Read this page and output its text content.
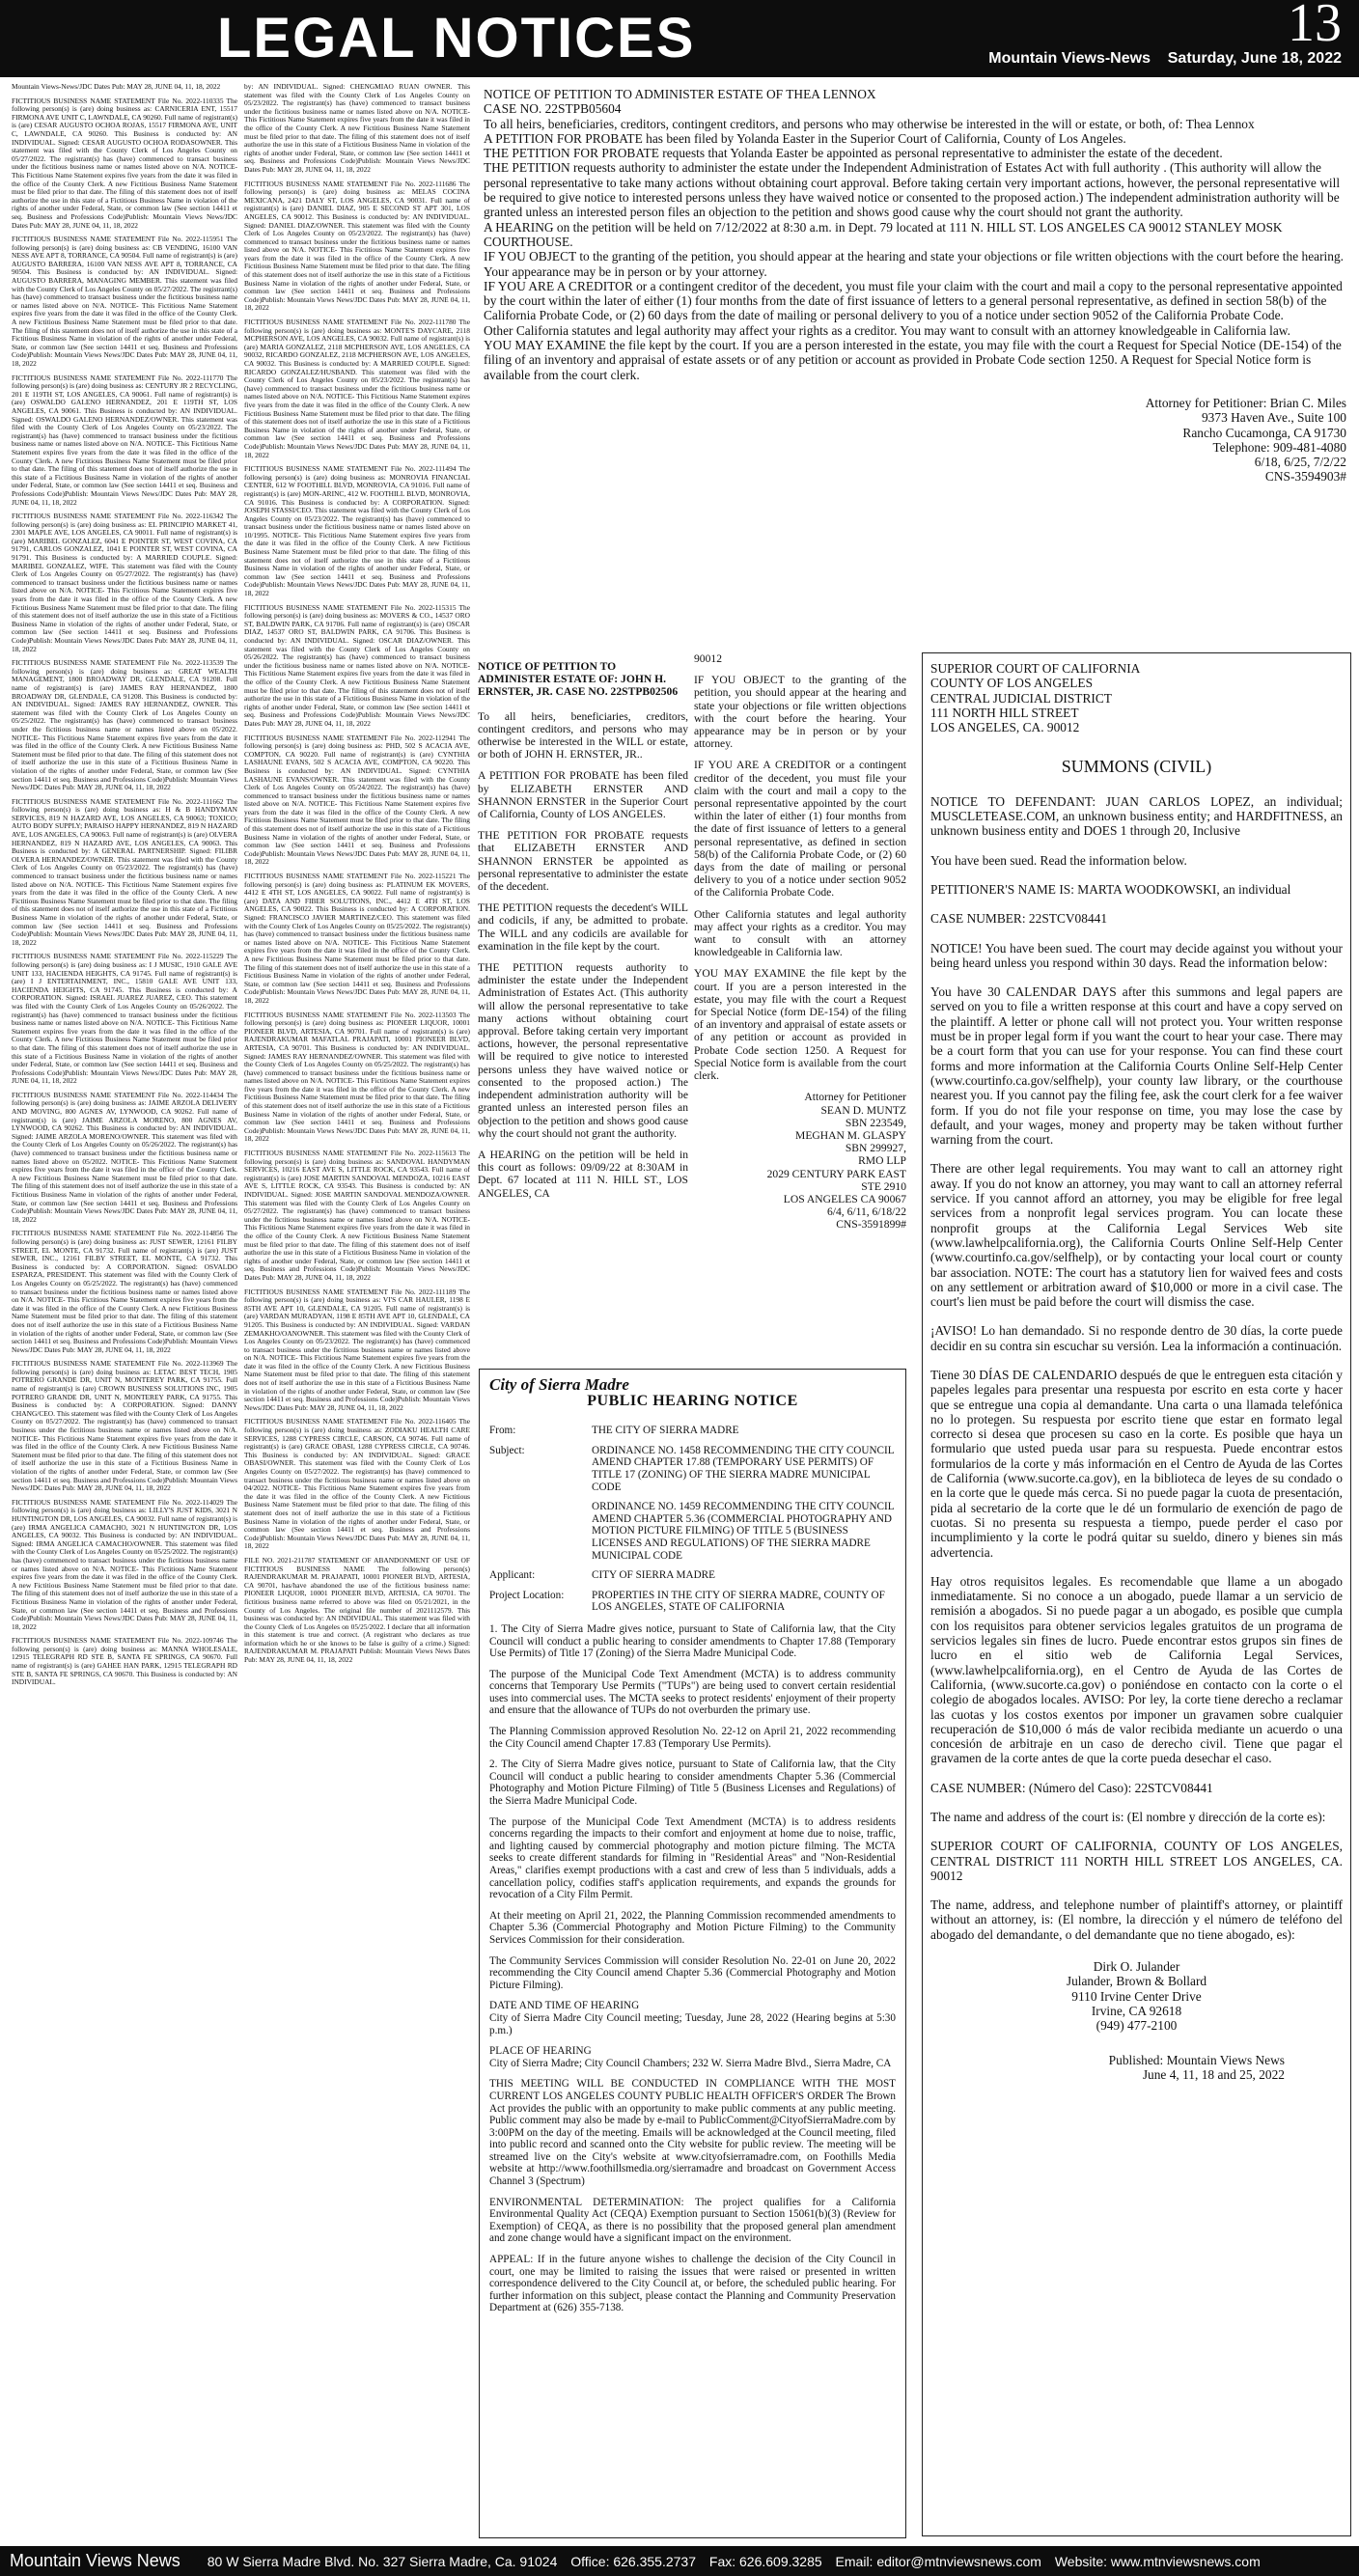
LEGAL NOTICES	13
Mountain Views-News Saturday, June 18, 2022

Mountain Views-News/JDC Dates Pub: MAY 28, JUNE 04, 11, 18, 2022

FICTITIOUS BUSINESS NAME STATEMENT File No. 2022-110335 The following person(s) is (are) doing business as: CARNICERIA ENT, 15517 FIRMONA AVE UNIT C, LAWNDALE, CA 90260. Full name of registrant(s) is (are) CESAR AUGUSTO OCHOA ROJAS, 15517 FIRMONA AVE, UNIT C, LAWNDALE, CA 90260. This Business is conducted by: AN INDIVIDUAL. Signed: CESAR AUGUSTO OCHOA RODASOWNER. This statement was filed with the County Clerk of Los Angeles County on 05/27/2022. The registrant(s) has (have) commenced to transact business under the fictitious business name or names listed above on N/A. NOTICE- This Fictitious Name Statement expires five years from the date it was filed in the office of the County Clerk. A new Fictitious Business Name Statement must be filed prior to that date. The filing of this statement does not of itself authorize the use in this state of a Fictitious Business Name in violation of the rights of another under Federal, State, or common law (See section 14411 et seq. Business and Professions Code)Publish: Mountain Views News/JDC Dates Pub: MAY 28, JUNE 04, 11, 18, 2022

FICTITIOUS BUSINESS NAME STATEMENT File No. 2022-115951 The following person(s) is (are) doing business as: CB VENDING, 16100 VAN NESS AVE APT 8, TORRANCE, CA 90504. Full name of registrant(s) is (are) AUGUSTO BARRERA, 16100 VAN NESS AVE APT 8, TORRANCE, CA 90504. This Business is conducted by: AN INDIVIDUAL. Signed: AUGUSTO BARRERA, MANAGING MEMBER. This statement was filed with the County Clerk of Los Angeles County on 05/27/2022. The registrant(s) has (have) commenced to transact business under the fictitious business name or names listed above on N/A. NOTICE- This Fictitious Name Statement expires five years from the date it was filed in the office of the County Clerk. A new Fictitious Business Name Statement must be filed prior to that date. The filing of this statement does not of itself authorize the use in this state of a Fictitious Business Name in violation of the rights of another under Federal, State, or common law (See section 14411 et seq. Business and Professions Code)Publish: Mountain Views News/JDC Dates Pub: MAY 28, JUNE 04, 11, 18, 2022

FICTITIOUS BUSINESS NAME STATEMENT File No. 2022-111770 The following person(s) is (are) doing business as: CENTURY JR 2 RECYCLING, 201 E 119TH ST, LOS ANGELES, CA 90061. Full name of registrant(s) is (are) OSWALDO GALENO HERNANDEZ, 201 E 119TH ST, LOS ANGELES, CA 90061. This Business is conducted by: AN INDIVIDUAL. Signed: OSWALDO GALENO HERNANDEZ/OWNER. This statement was filed with the County Clerk of Los Angeles County on 05/23/2022. The registrant(s) has (have) commenced to transact business under the fictitious business name or names listed above on N/A. NOTICE- This Fictitious Name Statement expires five years from the date it was filed in the office of the County Clerk. A new Fictitious Business Name Statement must be filed prior to that date. The filing of this statement does not of itself authorize the use in this state of a Fictitious Business Name in violation of the rights of another under Federal, State, or common law (See section 14411 et seq. Business and Professions Code)Publish: Mountain Views News/JDC Dates Pub: MAY 28, JUNE 04, 11, 18, 2022

FICTITIOUS BUSINESS NAME STATEMENT File No. 2022-116342 The following person(s) is (are) doing business as: EL PRINCIPIO MARKET 41, 2301 MAPLE AVE, LOS ANGELES, CA 90011. Full name of registrant(s) is (are) MARIBEL GONZALEZ, 6041 E POINTER ST, WEST COVINA, CA 91791, CARLOS GONZALEZ, 1041 E POINTER ST, WEST COVINA, CA 91791. This Business is conducted by: A MARRIED COUPLE. Signed: MARIBEL GONZALEZ, WIFE. This statement was filed with the County Clerk of Los Angeles County on 05/27/2022. The registrant(s) has (have) commenced to transact business under the fictitious business name or names listed above on N/A. NOTICE- This Fictitious Name Statement expires five years from the date it was filed in the office of the County Clerk. A new Fictitious Business Name Statement must be filed prior to that date. The filing of this statement does not of itself authorize the use in this state of a Fictitious Business Name in violation of the rights of another under Federal, State, or common law (See section 14411 et seq. Business and Professions Code)Publish: Mountain Views News/JDC Dates Pub: MAY 28, JUNE 04, 11, 18, 2022

FICTITIOUS BUSINESS NAME STATEMENT File No. 2022-113539 The following person(s) is (are) doing business as: GREAT WEALTH MANAGEMENT, 1800 BROADWAY DR, GLENDALE, CA 91208. Full name of registrant(s) is (are) JAMES RAY HERNANDEZ, 1800 BROADWAY DR, GLENDALE, CA 91208. This Business is conducted by: AN INDIVIDUAL. Signed: JAMES RAY HERNANDEZ, OWNER. This statement was filed with the County Clerk of Los Angeles County on 05/25/2022. The registrant(s) has (have) commenced to transact business under the fictitious business name or names listed above on 05/2022. NOTICE- This Fictitious Name Statement expires five years from the date it was filed in the office of the County Clerk. A new Fictitious Business Name Statement must be filed prior to that date. The filing of this statement does not of itself authorize the use in this state of a Fictitious Business Name in violation of the rights of another under Federal, State, or common law (See section 14411 et seq. Business and Professions Code)Publish: Mountain Views News/JDC Dates Pub: MAY 28, JUNE 04, 11, 18, 2022

FICTITIOUS BUSINESS NAME STATEMENT File No. 2022-111662 The following person(s) is (are) doing business as: H & B HANDYMAN SERVICES, 819 N HAZARD AVE, LOS ANGELES, CA 90063; TOXICO; AUTO BODY SUPPLY; PARAISO HAPPY HERNANDEZ, 819 N HAZARD AVE, LOS ANGELES, CA 90063. Full name of registrant(s) is (are) OLVERA HERNANDEZ, 819 N HAZARD AVE, LOS ANGELES, CA 90063. This Business is conducted by: A GENERAL PARTNERSHIP. Signed: FILIBR OLVERA HERNANDEZ/OWNER. This statement was filed with the County Clerk of Los Angeles County on 05/23/2022. The registrant(s) has (have) commenced to transact business under the fictitious business name or names listed above on N/A. NOTICE- This Fictitious Name Statement expires five years from the date it was filed in the office of the County Clerk. A new Fictitious Business Name Statement must be filed prior to that date. The filing of this statement does not of itself authorize the use in this state of a Fictitious Business Name in violation of the rights of another under Federal, State, or common law (See section 14411 et seq. Business and Professions Code)Publish: Mountain Views News/JDC Dates Pub: MAY 28, JUNE 04, 11, 18, 2022

FICTITIOUS BUSINESS NAME STATEMENT File No. 2022-115229 The following person(s) is (are) doing business as: I J MUSIC, 1910 GALE AVE UNIT 133, HACIENDA HEIGHTS, CA 91745. Full name of registrant(s) is (are) I J ENTERTAINMENT, INC., 15810 GALE AVE UNIT 133, HACIENDA HEIGHTS, CA 91745. This Business is conducted by: A CORPORATION. Signed: ISRAEL JUAREZ JUAREZ, CEO. This statement was filed with the County Clerk of Los Angeles County on 05/26/2022. The registrant(s) has (have) commenced to transact business under the fictitious business name or names listed above on N/A. NOTICE- This Fictitious Name Statement expires five years from the date it was filed in the office of the County Clerk. A new Fictitious Business Name Statement must be filed prior to that date. The filing of this statement does not of itself authorize the use in this state of a Fictitious Business Name in violation of the rights of another under Federal, State, or common law (See section 14411 et seq. Business and Professions Code)Publish: Mountain Views News/JDC Dates Pub: MAY 28, JUNE 04, 11, 18, 2022

FICTITIOUS BUSINESS NAME STATEMENT File No. 2022-114434 The following person(s) is (are) doing business as: JAIME ARZOLA DELIVERY AND MOVING, 800 AGNES AV, LYNWOOD, CA 90262. Full name of registrant(s) is (are) JAIME ARZOLA MORENO, 800 AGNES AV, LYNWOOD, CA 90262. This Business is conducted by: AN INDIVIDUAL. Signed: JAIME ARZOLA MORENO/OWNER. This statement was filed with the County Clerk of Los Angeles County on 05/26/2022. The registrant(s) has (have) commenced to transact business under the fictitious business name or names listed above on 05/2022. NOTICE- This Fictitious Name Statement expires five years from the date it was filed in the office of the County Clerk. A new Fictitious Business Name Statement must be filed prior to that date. The filing of this statement does not of itself authorize the use in this state of a Fictitious Business Name in violation of the rights of another under Federal, State, or common law (See section 14411 et seq. Business and Professions Code)Publish: Mountain Views News/JDC Dates Pub: MAY 28, JUNE 04, 11, 18, 2022

FICTITIOUS BUSINESS NAME STATEMENT File No. 2022-114856 The following person(s) is (are) doing business as: JUST SEWER, 12161 FILBY STREET, EL MONTE, CA 91732. Full name of registrant(s) is (are) JUST SEWER, INC., 12161 FILBY STREET, EL MONTE, CA 91732. This Business is conducted by: A CORPORATION. Signed: OSVALDO ESPARZA, PRESIDENT. This statement was filed with the County Clerk of Los Angeles County on 05/25/2022. The registrant(s) has (have) commenced to transact business under the fictitious business name or names listed above on N/A. NOTICE- This Fictitious Name Statement expires five years from the date it was filed in the office of the County Clerk. A new Fictitious Business Name Statement must be filed prior to that date. The filing of this statement does not of itself authorize the use in this state of a Fictitious Business Name in violation of the rights of another under Federal, State, or common law (See section 14411 et seq. Business and Professions Code)Publish: Mountain Views News/JDC Dates Pub: MAY 28, JUNE 04, 11, 18, 2022

FICTITIOUS BUSINESS NAME STATEMENT File No. 2022-113969 The following person(s) is (are) doing business as: LETAC BEST TECH, 1905 POTRERO GRANDE DR, UNIT N, MONTEREY PARK, CA 91755. Full name of registrant(s) is (are) CROWN BUSINESS SOLUTIONS INC, 1905 POTRERO GRANDE DR, UNIT N, MONTEREY PARK, CA 91755. This Business is conducted by: A CORPORATION. Signed: DANNY CHANG/CEO. This statement was filed with the County Clerk of Los Angeles County on 05/27/2022. The registrant(s) has (have) commenced to transact business under the fictitious business name or names listed above on N/A. NOTICE- This Fictitious Name Statement expires five years from the date it was filed in the office of the County Clerk. A new Fictitious Business Name Statement must be filed prior to that date. The filing of this statement does not of itself authorize the use in this state of a Fictitious Business Name in violation of the rights of another under Federal, State, or common law (See section 14411 et seq. Business and Professions Code)Publish: Mountain Views News/JDC Dates Pub: MAY 28, JUNE 04, 11, 18, 2022

FICTITIOUS BUSINESS NAME STATEMENT File No. 2022-114029 The following person(s) is (are) doing business as: LILLY'S JUST KIDS, 3021 N HUNTINGTON DR, LOS ANGELES, CA 90032. Full name of registrant(s) is (are) IRMA ANGELICA CAMACHO, 3021 N HUNTINGTON DR, LOS ANGELES, CA 90032. This Business is conducted by: AN INDIVIDUAL. Signed: IRMA ANGELICA CAMACHO/OWNER. This statement was filed with the County Clerk of Los Angeles County on 05/25/2022. The registrant(s) has (have) commenced to transact business under the fictitious business name or names listed above on N/A. NOTICE- This Fictitious Name Statement expires five years from the date it was filed in the office of the County Clerk. A new Fictitious Business Name Statement must be filed prior to that date. The filing of this statement does not of itself authorize the use in this state of a Fictitious Business Name in violation of the rights of another under Federal, State, or common law (See section 14411 et seq. Business and Professions Code)Publish: Mountain Views News/JDC Dates Pub: MAY 28, JUNE 04, 11, 18, 2022

FICTITIOUS BUSINESS NAME STATEMENT File No. 2022-109746 The following person(s) is (are) doing business as: MANNA WHOLESALE, 12915 TELEGRAPH RD STE B, SANTA FE SPRINGS, CA 90670. Full name of registrant(s) is (are) GAHEE HAN PARK, 12915 TELEGRAPH RD STE B, SANTA FE SPRINGS, CA 90670. This Business is conducted by: AN INDIVIDUAL.

by: AN INDIVIDUAL. Signed: CHENGMIAO RUAN OWNER. This statement was filed with the County Clerk of Los Angeles County on 05/23/2022. The registrant(s) has (have) commenced to transact business under the fictitious business name or names listed above on N/A. NOTICE- This Fictitious Name Statement expires five years from the date it was filed in the office of the County Clerk. A new Fictitious Business Name Statement must be filed prior to that date. The filing of this statement does not of itself authorize the use in this state of a Fictitious Business Name in violation of the rights of another under Federal, State, or common law (See section 14411 et seq. Business and Professions Code)Publish: Mountain Views News/JDC Dates Pub: MAY 28, JUNE 04, 11, 18, 2022

FICTITIOUS BUSINESS NAME STATEMENT File No. 2022-111686 The following person(s) is (are) doing business as: MELAS COCINA MEXICANA, 2421 DALY ST, LOS ANGELES, CA 90031. Full name of registrant(s) is (are) DANIEL DIAZ, 905 E SECOND ST APT 301, LOS ANGELES, CA 90012. This Business is conducted by: AN INDIVIDUAL. Signed: DANIEL DIAZ/OWNER. This statement was filed with the County Clerk of Los Angeles County on 05/23/2022. The registrant(s) has (have) commenced to transact business under the fictitious business name or names listed above on N/A. NOTICE- This Fictitious Name Statement expires five years from the date it was filed in the office of the County Clerk. A new Fictitious Business Name Statement must be filed prior to that date. The filing of this statement does not of itself authorize the use in this state of a Fictitious Business Name in violation of the rights of another under Federal, State, or common law (See section 14411 et seq. Business and Professions Code)Publish: Mountain Views News/JDC Dates Pub: MAY 28, JUNE 04, 11, 18, 2022

FICTITIOUS BUSINESS NAME STATEMENT File No. 2022-111780 The following person(s) is (are) doing business as: MONTE'S DAYCARE, 2118 MCPHERSON AVE, LOS ANGELES, CA 90032. Full name of registrant(s) is (are) MARIA GONZALEZ, 2118 MCPHERSON AVE, LOS ANGELES, CA 90032, RICARDO GONZALEZ, 2118 MCPHERSON AVE, LOS ANGELES, CA 90032. This Business is conducted by: A MARRIED COUPLE. Signed: RICARDO GONZALEZ/HUSBAND. This statement was filed with the County Clerk of Los Angeles County on 05/23/2022. The registrant(s) has (have) commenced to transact business under the fictitious business name or names listed above on N/A. NOTICE- This Fictitious Name Statement expires five years from the date it was filed in the office of the County Clerk. A new Fictitious Business Name Statement must be filed prior to that date. The filing of this statement does not of itself authorize the use in this state of a Fictitious Business Name in violation of the rights of another under Federal, State, or common law (See section 14411 et seq. Business and Professions Code)Publish: Mountain Views News/JDC Dates Pub: MAY 28, JUNE 04, 11, 18, 2022

FICTITIOUS BUSINESS NAME STATEMENT File No. 2022-111494 The following person(s) is (are) doing business as: MONROVIA FINANCIAL CENTER, 612 W FOOTHILL BLVD, MONROVIA, CA 91016. Full name of registrant(s) is (are) MON-ARINC, 412 W. FOOTHILL BLVD, MONROVIA, CA 91016. This Business is conducted by: A CORPORATION. Signed: JOSEPH STASSI/CEO. This statement was filed with the County Clerk of Los Angeles County on 05/23/2022. The registrant(s) has (have) commenced to transact business under the fictitious business name or names listed above on 10/1995. NOTICE- This Fictitious Name Statement expires five years from the date it was filed in the office of the County Clerk. A new Fictitious Business Name Statement must be filed prior to that date. The filing of this statement does not of itself authorize the use in this state of a Fictitious Business Name in violation of the rights of another under Federal, State, or common law (See section 14411 et seq. Business and Professions Code)Publish: Mountain Views News/JDC Dates Pub: MAY 28, JUNE 04, 11, 18, 2022

FICTITIOUS BUSINESS NAME STATEMENT File No. 2022-115315 The following person(s) is (are) doing business as: MOVERS & CO., 14537 ORO ST, BALDWIN PARK, CA 91706. Full name of registrant(s) is (are) OSCAR DIAZ, 14537 ORO ST, BALDWIN PARK, CA 91706. This Business is conducted by: AN INDIVIDUAL. Signed: OSCAR DIAZ/OWNER. This statement was filed with the County Clerk of Los Angeles County on 05/26/2022. The registrant(s) has (have) commenced to transact business under the fictitious business name or names listed above on N/A. NOTICE- This Fictitious Name Statement expires five years from the date it was filed in the office of the County Clerk. A new Fictitious Business Name Statement must be filed prior to that date. The filing of this statement does not of itself authorize the use in this state of a Fictitious Business Name in violation of the rights of another under Federal, State, or common law (See section 14411 et seq. Business and Professions Code)Publish: Mountain Views News/JDC Dates Pub: MAY 28, JUNE 04, 11, 18, 2022

FICTITIOUS BUSINESS NAME STATEMENT File No. 2022-112941 The following person(s) is (are) doing business as: PHD, 502 S ACACIA AVE, COMPTON, CA 90220. Full name of registrant(s) is (are) CYNTHIA LASHAUNE EVANS, 502 S ACACIA AVE, COMPTON, CA 90220. This Business is conducted by: AN INDIVIDUAL. Signed: CYNTHIA LASHAUNE EVANS/OWNER. This statement was filed with the County Clerk of Los Angeles County on 05/24/2022. The registrant(s) has (have) commenced to transact business under the fictitious business name or names listed above on N/A. NOTICE- This Fictitious Name Statement expires five years from the date it was filed in the office of the County Clerk. A new Fictitious Business Name Statement must be filed prior to that date. The filing of this statement does not of itself authorize the use in this state of a Fictitious Business Name in violation of the rights of another under Federal, State, or common law (See section 14411 et seq. Business and Professions Code)Publish: Mountain Views News/JDC Dates Pub: MAY 28, JUNE 04, 11, 18, 2022

FICTITIOUS BUSINESS NAME STATEMENT File No. 2022-115221 The following person(s) is (are) doing business as: PLATINUM EK MOVERS, 4412 E 4TH ST, LOS ANGELES, CA 90022. Full name of registrant(s) is (are) DATA AND FIBER SOLUTIONS, INC., 4412 E 4TH ST, LOS ANGELES, CA 90022. This Business is conducted by: A CORPORATION. Signed: FRANCISCO JAVIER MARTINEZ/CEO. This statement was filed with the County Clerk of Los Angeles County on 05/25/2022. The registrant(s) has (have) commenced to transact business under the fictitious business name or names listed above on N/A. NOTICE- This Fictitious Name Statement expires five years from the date it was filed in the office of the County Clerk. A new Fictitious Business Name Statement must be filed prior to that date. The filing of this statement does not of itself authorize the use in this state of a Fictitious Business Name in violation of the rights of another under Federal, State, or common law (See section 14411 et seq. Business and Professions Code)Publish: Mountain Views News/JDC Dates Pub: MAY 28, JUNE 04, 11, 18, 2022

FICTITIOUS BUSINESS NAME STATEMENT File No. 2022-113503 The following person(s) is (are) doing business as: PIONEER LIQUOR, 10001 PIONEER BLVD, ARTESIA, CA 90701. Full name of registrant(s) is (are) RAJENDRAKUMAR MAFATLAL PRAJAPATI, 10001 PIONEER BLVD, ARTESIA, CA 90701. This Business is conducted by: AN INDIVIDUAL. Signed: JAMES RAY HERNANDEZ/OWNER. This statement was filed with the County Clerk of Los Angeles County on 05/25/2022. The registrant(s) has (have) commenced to transact business under the fictitious business name or names listed above on N/A. NOTICE- This Fictitious Name Statement expires five years from the date it was filed in the office of the County Clerk. A new Fictitious Business Name Statement must be filed prior to that date. The filing of this statement does not of itself authorize the use in this state of a Fictitious Business Name in violation of the rights of another under Federal, State, or common law (See section 14411 et seq. Business and Professions Code)Publish: Mountain Views News/JDC Dates Pub: MAY 28, JUNE 04, 11, 18, 2022

FICTITIOUS BUSINESS NAME STATEMENT File No. 2022-115613 The following person(s) is (are) doing business as: SANDOVAL HANDYMAN SERVICES, 10216 EAST AVE S, LITTLE ROCK, CA 93543. Full name of registrant(s) is (are) JOSE MARTIN SANDOVAL MENDOZA, 10216 EAST AVE S, LITTLE ROCK, CA 93543. This Business is conducted by: AN INDIVIDUAL. Signed: JOSE MARTIN SANDOVAL MENDOZA/OWNER. This statement was filed with the County Clerk of Los Angeles County on 05/27/2022. The registrant(s) has (have) commenced to transact business under the fictitious business name or names listed above on N/A. NOTICE- This Fictitious Name Statement expires five years from the date it was filed in the office of the County Clerk. A new Fictitious Business Name Statement must be filed prior to that date. The filing of this statement does not of itself authorize the use in this state of a Fictitious Business Name in violation of the rights of another under Federal, State, or common law (See section 14411 et seq. Business and Professions Code)Publish: Mountain Views News/JDC Dates Pub: MAY 28, JUNE 04, 11, 18, 2022

FICTITIOUS BUSINESS NAME STATEMENT File No. 2022-111189 The following person(s) is (are) doing business as: VI'S CAR HAULER, 1198 E 85TH AVE APT 10, GLENDALE, CA 91205. Full name of registrant(s) is (are) VARDAN MURADYAN, 1198 E 85TH AVE APT 10, GLENDALE, CA 91205. This Business is conducted by: AN INDIVIDUAL. Signed: VARDAN ZEMAKHO/OANOWNER. This statement was filed with the County Clerk of Los Angeles County on 05/23/2022. The registrant(s) has (have) commenced to transact business under the fictitious business name or names listed above on N/A. NOTICE- This Fictitious Name Statement expires five years from the date it was filed in the office of the County Clerk. A new Fictitious Business Name Statement must be filed prior to that date. The filing of this statement does not of itself authorize the use in this state of a Fictitious Business Name in violation of the rights of another under Federal, State, or common law (See section 14411 et seq. Business and Professions Code)Publish: Mountain Views News/JDC Dates Pub: MAY 28, JUNE 04, 11, 18, 2022

FICTITIOUS BUSINESS NAME STATEMENT File No. 2022-116405 The following person(s) is (are) doing business as: ZODIAKU HEALTH CARE SERVICES, 1288 CYPRESS CIRCLE, CARSON, CA 90746. Full name of registrant(s) is (are) GRACE OBASI, 1288 CYPRESS CIRCLE, CA 90746. This Business is conducted by: AN INDIVIDUAL. Signed: GRACE OBASI/OWNER. This statement was filed with the County Clerk of Los Angeles County on 05/27/2022. The registrant(s) has (have) commenced to transact business under the fictitious business name or names listed above on 04/2022. NOTICE- This Fictitious Name Statement expires five years from the date it was filed in the office of the County Clerk. A new Fictitious Business Name Statement must be filed prior to that date. The filing of this statement does not of itself authorize the use in this state of a Fictitious Business Name in violation of the rights of another under Federal, State, or common law (See section 14411 et seq. Business and Professions Code)Publish: Mountain Views News/JDC Dates Pub: MAY 28, JUNE 04, 11, 18, 2022

FILE NO. 2021-211787 STATEMENT OF ABANDONMENT OF USE OF FICTITIOUS BUSINESS NAME The following person(s) RAJENDRAKUMAR M. PRAJAPATI, 10001 PIONEER BLVD, ARTESIA, CA 90701, has/have abandoned the use of the fictitious business name: PIONEER LIQUOR, 10001 PIONEER BLVD, ARTESIA, CA 90701. The fictitious business name referred to above was filed on 05/21/2021, in the County of Los Angeles. The original file number of 2021112579. This business was conducted by: AN INDIVIDUAL. This statement was filed with the County Clerk of Los Angeles on 05/25/2022. I declare that all information in this statement is true and correct. (A registrant who declares as true information which he or she knows to be false is guilty of a crime.) Signed: RAJENDRAKUMAR M. PRAJAPATI Publish: Mountain Views News Dates Pub: MAY 28, JUNE 04, 11, 18, 2022

NOTICE OF PETITION TO ADMINISTER ESTATE OF THEA LENNOX
CASE NO. 22STPB05604

To all heirs, beneficiaries, creditors, contingent creditors, and persons who may otherwise be interested in the will or estate, or both, of: Thea Lennox

A PETITION FOR PROBATE has been filed by Yolanda Easter in the Superior Court of California, County of Los Angeles.

THE PETITION FOR PROBATE requests that Yolanda Easter be appointed as personal representative to administer the estate of the decedent.

THE PETITION requests authority to administer the estate under the Independent Administration of Estates Act with full authority . (This authority will allow the personal representative to take many actions without obtaining court approval. Before taking certain very important actions, however, the personal representative will be required to give notice to interested persons unless they have waived notice or consented to the proposed action.) The independent administration authority will be granted unless an interested person files an objection to the petition and shows good cause why the court should not grant the authority.

A HEARING on the petition will be held on 7/12/2022 at 8:30 a.m. in Dept. 79 located at 111 N. HILL ST. LOS ANGELES CA 90012 STANLEY MOSK COURTHOUSE.

IF YOU OBJECT to the granting of the petition, you should appear at the hearing and state your objections or file written objections with the court before the hearing. Your appearance may be in person or by your attorney.

IF YOU ARE A CREDITOR or a contingent creditor of the decedent, you must file your claim with the court and mail a copy to the personal representative appointed by the court within the later of either (1) four months from the date of first issuance of letters to a general personal representative, as defined in section 58(b) of the California Probate Code, or (2) 60 days from the date of mailing or personal delivery to you of a notice under section 9052 of the California Probate Code.

Other California statutes and legal authority may affect your rights as a creditor. You may want to consult with an attorney knowledgeable in California law.

YOU MAY EXAMINE the file kept by the court. If you are a person interested in the estate, you may file with the court a Request for Special Notice (DE-154) of the filing of an inventory and appraisal of estate assets or of any petition or account as provided in Probate Code section 1250. A Request for Special Notice form is available from the court clerk.

Attorney for Petitioner: Brian C. Miles
9373 Haven Ave., Suite 100
Rancho Cucamonga, CA 91730
Telephone: 909-481-4080
6/18, 6/25, 7/2/22
CNS-3594903#

NOTICE OF PETITION TO ADMINISTER ESTATE OF: JOHN H. ERNSTER, JR. CASE NO. 22STPB02506

To all heirs, beneficiaries, creditors, contingent creditors, and persons who may otherwise be interested in the WILL or estate, or both of JOHN H. ERNSTER, JR..

A PETITION FOR PROBATE has been filed by ELIZABETH ERNSTER AND SHANNON ERNSTER in the Superior Court of California, County of LOS ANGELES.

THE PETITION FOR PROBATE requests that ELIZABETH ERNSTER AND SHANNON ERNSTER be appointed as personal representative to administer the estate of the decedent.

THE PETITION requests the decedent's WILL and codicils, if any, be admitted to probate. The WILL and any codicils are available for examination in the file kept by the court.

THE PETITION requests authority to administer the estate under the Independent Administration of Estates Act. (This authority will allow the personal representative to take many actions without obtaining court approval. Before taking certain very important actions, however, the personal representative will be required to give notice to interested persons unless they have waived notice or consented to the proposed action.) The independent administration authority will be granted unless an interested person files an objection to the petition and shows good cause why the court should not grant the authority.

A HEARING on the petition will be held in this court as follows: 09/09/22 at 8:30AM in Dept. 67 located at 111 N. HILL ST., LOS ANGELES, CA

90012

IF YOU OBJECT to the granting of the petition, you should appear at the hearing and state your objections or file written objections with the court before the hearing. Your appearance may be in person or by your attorney.

IF YOU ARE A CREDITOR or a contingent creditor of the decedent, you must file your claim with the court and mail a copy to the personal representative appointed by the court within the later of either (1) four months from the date of first issuance of letters to a general personal representative, as defined in section 58(b) of the California Probate Code, or (2) 60 days from the date of mailing or personal delivery to you of a notice under section 9052 of the California Probate Code.

Other California statutes and legal authority may affect your rights as a creditor. You may want to consult with an attorney knowledgeable in California law.

YOU MAY EXAMINE the file kept by the court. If you are a person interested in the estate, you may file with the court a Request for Special Notice (form DE-154) of the filing of an inventory and appraisal of estate assets or of any petition or account as provided in Probate Code section 1250. A Request for Special Notice form is available from the court clerk.

Attorney for Petitioner
SEAN D. MUNTZ
SBN 223549,
MEGHAN M. GLASPY
SBN 299927,
RMO LLP
2029 CENTURY PARK EAST
STE 2910
LOS ANGELES CA 90067
6/4, 6/11, 6/18/22
CNS-3591899#
SUPERIOR COURT OF CALIFORNIA
COUNTY OF LOS ANGELES
CENTRAL JUDICIAL DISTRICT
111 NORTH HILL STREET
LOS ANGELES, CA. 90012
SUMMONS (CIVIL)

NOTICE TO DEFENDANT: JUAN CARLOS LOPEZ, an individual; MUSCLETEASE.COM, an unknown business entity; and HARDFITNESS, an unknown business entity and DOES 1 through 20, Inclusive

You have been sued. Read the information below.

PETITIONER'S NAME IS: MARTA WOODKOWSKI, an individual

CASE NUMBER: 22STCV08441

NOTICE! You have been sued. The court may decide against you without your being heard unless you respond within 30 days. Read the information below:

You have 30 CALENDAR DAYS after this summons and legal papers are served on you to file a written response at this court and have a copy served on the plaintiff. A letter or phone call will not protect you. Your written response must be in proper legal form if you want the court to hear your case. There may be a court form that you can use for your response. You can find these court forms and more information at the California Courts Online Self-Help Center (www.courtinfo.ca.gov/selfhelp), your county law library, or the courthouse nearest you. If you cannot pay the filing fee, ask the court clerk for a fee waiver form. If you do not file your response on time, you may lose the case by default, and your wages, money and property may be taken without further warning from the court.

There are other legal requirements. You may want to call an attorney right away. If you do not know an attorney, you may want to call an attorney referral service. If you cannot afford an attorney, you may be eligible for free legal services from a nonprofit legal services program. You can locate these nonprofit groups at the California Legal Services Web site (www.lawhelpcalifornia.org), the California Courts Online Self-Help Center (www.courtinfo.ca.gov/selfhelp), or by contacting your local court or county bar association. NOTE: The court has a statutory lien for waived fees and costs on any settlement or arbitration award of $10,000 or more in a civil case. The court's lien must be paid before the court will dismiss the case.

¡AVISO! Lo han demandado. Si no responde dentro de 30 días, la corte puede decidir en su contra sin escuchar su versión. Lea la información a continuación.

Tiene 30 DÍAS DE CALENDARIO después de que le entreguen esta citación y papeles legales para presentar una respuesta por escrito en esta corte y hacer que se entregue una copia al demandante. Una carta o una llamada telefónica no lo protegen. Su respuesta por escrito tiene que estar en formato legal correcto si desea que procesen su caso en la corte. Es posible que haya un formulario que usted pueda usar para su respuesta. Puede encontrar estos formularios de la corte y más información en el Centro de Ayuda de las Cortes de California (www.sucorte.ca.gov), en la biblioteca de leyes de su condado o en la corte que le quede más cerca. Si no puede pagar la cuota de presentación, pida al secretario de la corte que le dé un formulario de exención de pago de cuotas. Si no presenta su respuesta a tiempo, puede perder el caso por incumplimiento y la corte le podrá quitar su sueldo, dinero y bienes sin más advertencia.

Hay otros requisitos legales. Es recomendable que llame a un abogado inmediatamente. Si no conoce a un abogado, puede llamar a un servicio de remisión a abogados. Si no puede pagar a un abogado, es posible que cumpla con los requisitos para obtener servicios legales gratuitos de un programa de servicios legales sin fines de lucro. Puede encontrar estos grupos sin fines de lucro en el sitio web de California Legal Services, (www.lawhelpcalifornia.org), en el Centro de Ayuda de las Cortes de California, (www.sucorte.ca.gov) o poniéndose en contacto con la corte o el colegio de abogados locales. AVISO: Por ley, la corte tiene derecho a reclamar las cuotas y los costos exentos por imponer un gravamen sobre cualquier recuperación de $10,000 ó más de valor recibida mediante un acuerdo o una concesión de arbitraje en un caso de derecho civil. Tiene que pagar el gravamen de la corte antes de que la corte pueda desechar el caso.

CASE NUMBER: (Número del Caso): 22STCV08441

The name and address of the court is: (El nombre y dirección de la corte es):

SUPERIOR COURT OF CALIFORNIA, COUNTY OF LOS ANGELES, CENTRAL DISTRICT 111 NORTH HILL STREET LOS ANGELES, CA. 90012

The name, address, and telephone number of plaintiff's attorney, or plaintiff without an attorney, is: (El nombre, la dirección y el número de teléfono del abogado del demandante, o del demandante que no tiene abogado, es):

Dirk O. Julander
Julander, Brown & Bollard
9110 Irvine Center Drive
Irvine, CA 92618
(949) 477-2100
Published: Mountain Views News
June 4, 11, 18 and 25, 2022
City of Sierra Madre
PUBLIC HEARING NOTICE
From:	THE CITY OF SIERRA MADRE
Subject:	ORDINANCE NO. 1458 RECOMMENDING THE CITY COUNCIL AMEND CHAPTER 17.88 (TEMPORARY USE PERMITS) OF TITLE 17 (ZONING) OF THE SIERRA MADRE MUNICIPAL CODE
ORDINANCE NO. 1459 RECOMMENDING THE CITY COUNCIL AMEND CHAPTER 5.36 (COMMERCIAL PHOTOGRAPHY AND MOTION PICTURE FILMING) OF TITLE 5 (BUSINESS LICENSES AND REGULATIONS) OF THE SIERRA MADRE MUNICIPAL CODE
Applicant:	CITY OF SIERRA MADRE
Project Location:	PROPERTIES IN THE CITY OF SIERRA MADRE, COUNTY OF LOS ANGELES, STATE OF CALIFORNIA

1. The City of Sierra Madre gives notice, pursuant to State of California law, that the City Council will conduct a public hearing to consider amendments to Chapter 17.88 (Temporary Use Permits) of Title 17 (Zoning) of the Sierra Madre Municipal Code.

The purpose of the Municipal Code Text Amendment (MCTA) is to address community concerns that Temporary Use Permits ("TUPs") are being used to convert certain residential uses into commercial uses. The MCTA seeks to protect residents' enjoyment of their property and ensure that the allowance of TUPs do not overburden the primary use.

The Planning Commission approved Resolution No. 22-12 on April 21, 2022 recommending the City Council amend Chapter 17.83 (Temporary Use Permits).

2. The City of Sierra Madre gives notice, pursuant to State of California law, that the City Council will conduct a public hearing to consider amendments Chapter 5.36 (Commercial Photography and Motion Picture Filming) of Title 5 (Business Licenses and Regulations) of the Sierra Madre Municipal Code.

The purpose of the Municipal Code Text Amendment (MCTA) is to address residents concerns regarding the impacts to their comfort and enjoyment at home due to noise, traffic, and lighting caused by commercial photography and motion picture filming. The MCTA seeks to create different standards for filming in "Residential Areas" and "Non-Residential Areas," clarifies exempt productions with a cast and crew of less than 5 individuals, adds a cancellation policy, codifies staff's application requirements, and expands the grounds for revocation of a City Film Permit.

At their meeting on April 21, 2022, the Planning Commission recommended amendments to Chapter 5.36 (Commercial Photography and Motion Picture Filming) to the Community Services Commission for their consideration.

The Community Services Commission will consider Resolution No. 22-01 on June 20, 2022 recommending the City Council amend Chapter 5.36 (Commercial Photography and Motion Picture Filming).

DATE AND TIME OF HEARING
City of Sierra Madre City Council meeting; Tuesday, June 28, 2022 (Hearing begins at 5:30 p.m.)

PLACE OF HEARING
City of Sierra Madre; City Council Chambers; 232 W. Sierra Madre Blvd., Sierra Madre, CA

THIS MEETING WILL BE CONDUCTED IN COMPLIANCE WITH THE MOST CURRENT LOS ANGELES COUNTY PUBLIC HEALTH OFFICER'S ORDER The Brown Act provides the public with an opportunity to make public comments at any public meeting. Public comment may also be made by e-mail to PublicComment@CityofSierraMadre.com by 3:00PM on the day of the meeting. Emails will be acknowledged at the Council meeting, filed into public record and scanned onto the City website for public review. The meeting will be streamed live on the City's website at www.cityofsierramadre.com, on Foothills Media website at http://www.foothillsmedia.org/sierramadre and broadcast on Government Access Channel 3 (Spectrum)

ENVIRONMENTAL DETERMINATION: The project qualifies for a California Environmental Quality Act (CEQA) Exemption pursuant to Section 15061(b)(3) (Review for Exemption) of CEQA, as there is no possibility that the proposed general plan amendment and zone change would have a significant impact on the environment.

APPEAL: If in the future anyone wishes to challenge the decision of the City Council in court, one may be limited to raising the issues that were raised or presented in written correspondence delivered to the City Council at, or before, the scheduled public hearing. For further information on this subject, please contact the Planning and Community Preservation Department at (626) 355-7138.

Mountain Views News 80 W Sierra Madre Blvd. No. 327 Sierra Madre, Ca. 91024 Office: 626.355.2737 Fax: 626.609.3285 Email: editor@mtnviewsnews.com Website: www.mtnviewsnews.com
